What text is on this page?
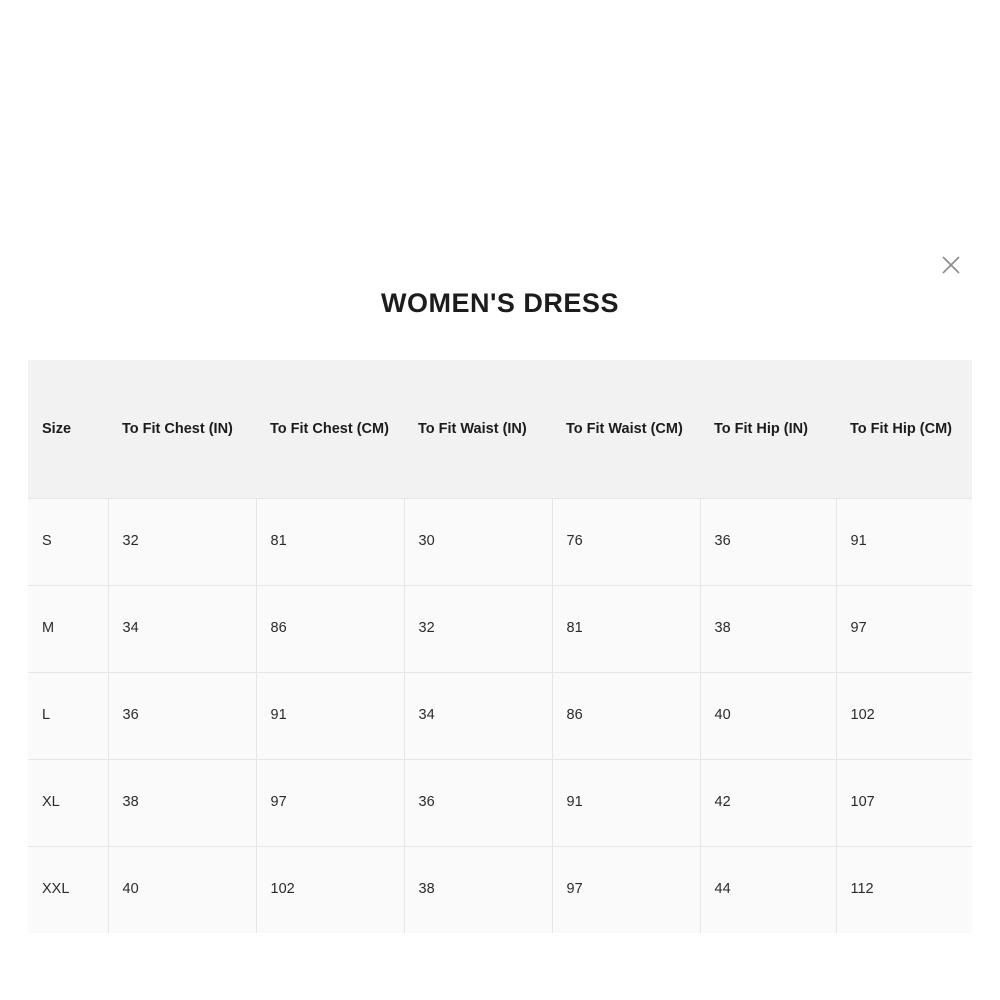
WOMEN'S DRESS
Size	To Fit Chest (IN)	To Fit Chest (CM)	To Fit Waist (IN)	To Fit Waist (CM)	To Fit Hip (IN)	To Fit Hip (CM)
S	32	81	30	76	36	91
M	34	86	32	81	38	97
L	36	91	34	86	40	102
XL	38	97	36	91	42	107
XXL	40	102	38	97	44	112
